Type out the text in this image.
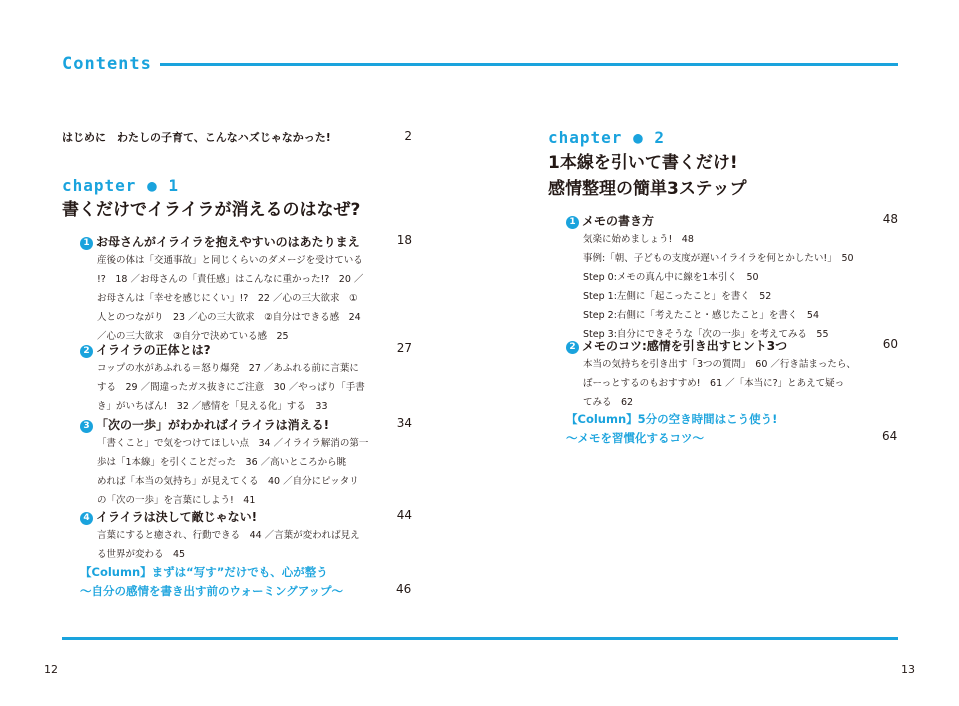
Contents
はじめに　わたしの子育て、こんなハズじゃなかった!	2
chapter ● 1
書くだけでイライラが消えるのはなぜ?
1 お母さんがイライラを抱えやすいのはあたりまえ	18
産後の体は「交通事故」と同じくらいのダメージを受けている
!?　18 ／お母さんの「責任感」はこんなに重かった!?　20 ／
お母さんは「幸せを感じにくい」!?　22 ／心の三大欲求　①
人とのつながり　23 ／心の三大欲求　②自分はできる感　24
／心の三大欲求　③自分で決めている感　25
2 イライラの正体とは?	27
コップの水があふれる＝怒り爆発　27 ／あふれる前に言葉に
する　29 ／間違ったガス抜きにご注意　30 ／やっぱり「手書
き」がいちばん!　32 ／感情を「見える化」する　33
3 「次の一歩」がわかればイライラは消える!	34
「書くこと」で気をつけてほしい点　34 ／イライラ解消の第一
歩は「1本線」を引くことだった　36 ／高いところから眺
めれば「本当の気持ち」が見えてくる　40 ／自分にピッタリ
の「次の一歩」を言葉にしよう!　41
4 イライラは決して敵じゃない!	44
言葉にすると癒され、行動できる　44 ／言葉が変われば見え
る世界が変わる　45
【Column】まずは“写す”だけでも、心が整う
～自分の感情を書き出す前のウォーミングアップ～	46
chapter ● 2
1本線を引いて書くだけ!
感情整理の簡単3ステップ
1 メモの書き方	48
気楽に始めましょう!　48
事例:「朝、子どもの支度が遅いイライラを何とかしたい!」　50
Step 0:メモの真ん中に線を1本引く　50
Step 1:左側に「起こったこと」を書く　52
Step 2:右側に「考えたこと・感じたこと」を書く　54
Step 3:自分にできそうな「次の一歩」を考えてみる　55
2 メモのコツ:感情を引き出すヒント3つ	60
本当の気持ちを引き出す「3つの質問」　60 ／行き詰まったら、
ぼーっとするのもおすすめ!　61 ／「本当に?」とあえて疑っ
てみる　62
【Column】5分の空き時間はこう使う!
～メモを習慣化するコツ～	64
12	13
